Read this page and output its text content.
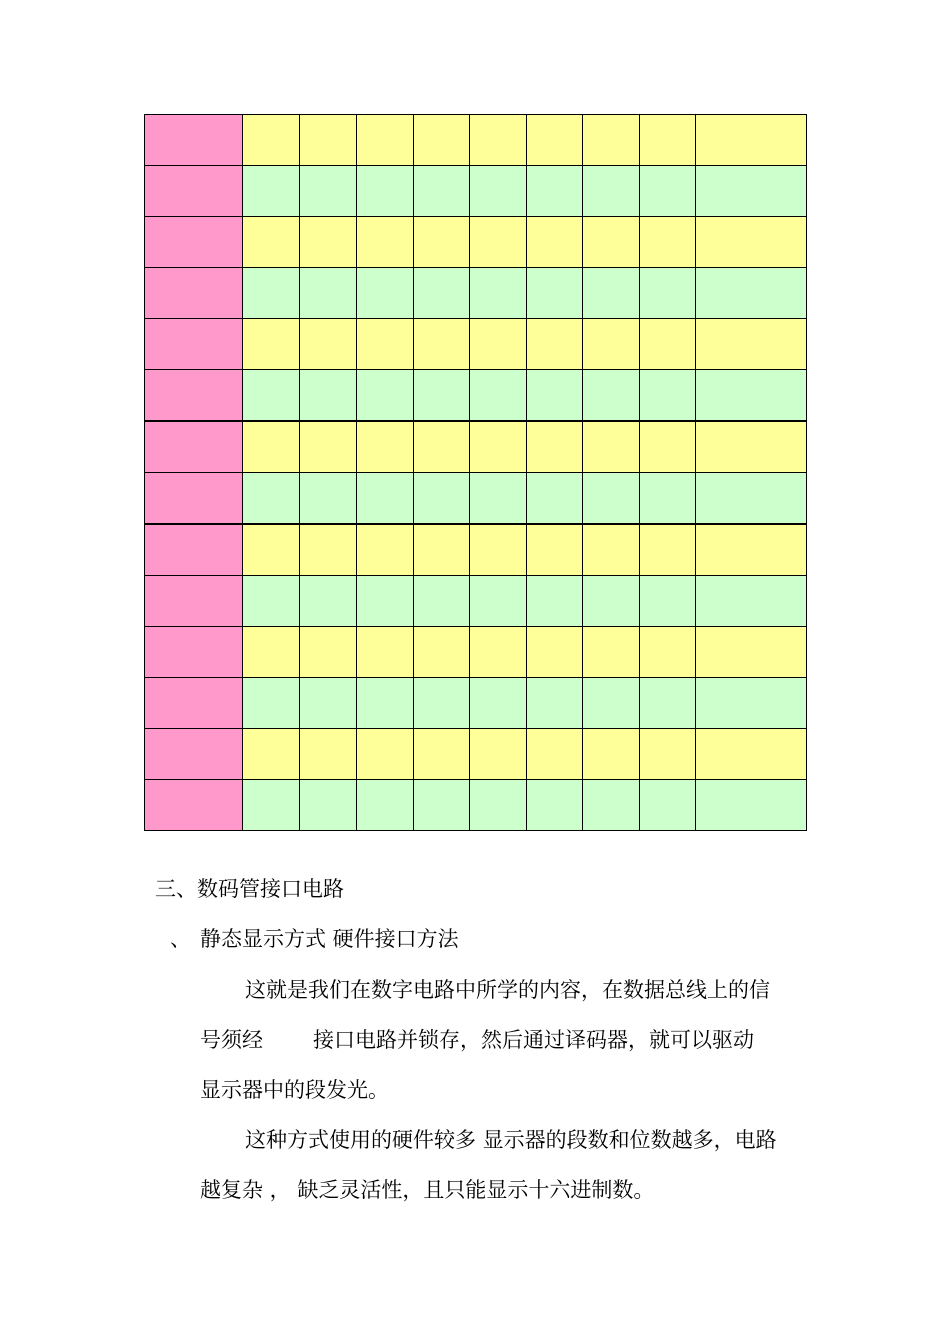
三、数码管接口电路
、 静态显示方式 硬件接口方法
这就是我们在数字电路中所学的内容，在数据总线上的信
号须经 接口电路并锁存，然后通过译码器，就可以驱动
显示器中的段发光。
这种方式使用的硬件较多 显示器的段数和位数越多，电路
越复杂 ， 缺乏灵活性，且只能显示十六进制数。
